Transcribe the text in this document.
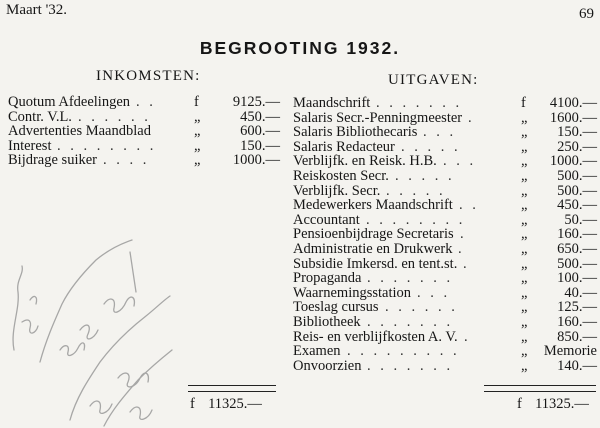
Maart '32.	69
BEGROOTING 1932.
INKOMSTEN:	UITGAVEN:
Quotum Afdeelingen . .	f 9125.—
Contr. V.L. . . . . . .	„	450.—
Advertenties Maandblad	„	600.—
Interest . . . . . . . .	„	150.—
Bijdrage suiker . . . .	„ 1000.—
Maandschrift . . . . . . .	f 4100.—
Salaris Secr.-Penningmeester .	„ 1600.—
Salaris Bibliothecaris . . .	„ 150.—
Salaris Redacteur . . . . .	„ 250.—
Verblijfk. en Reisk. H.B. . . .	„ 1000.—
Reiskosten Secr. . . . . .	„ 500.—
Verblijfk. Secr. . . . . .	„ 500.—
Medewerkers Maandschrift . .	„ 450.—
Accountant . . . . . . . .	„	50.—
Pensioenbijdrage Secretaris .	„ 160.—
Administratie en Drukwerk .	„ 650.—
Subsidie Imkersd. en tent.st. .	„ 500.—
Propaganda . . . . . . .	„ 100.—
Waarnemingsstation . . .	„	40.—
Toeslag cursus . . . . . .	„ 125.—
Bibliotheek . . . . . . .	„ 160.—
Reis- en verblijfkosten A. V. .	„ 850.—
Examen . . . . . . . . .	„ Memorie
Onvoorzien . . . . . . .	„ 140.—
f 11325.—	f 11325.—
